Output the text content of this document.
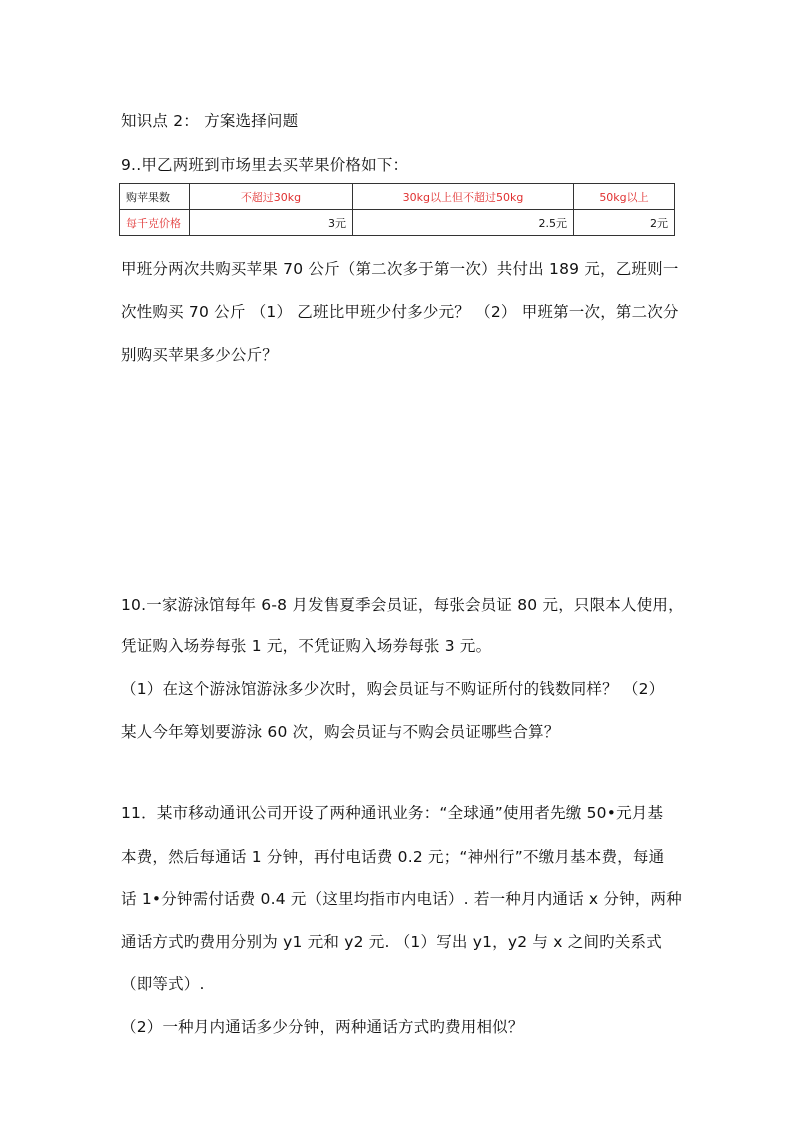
知识点 2： 方案选择问题
9..甲乙两班到市场里去买苹果价格如下：
购苹果数	不超过30kg	30kg以上但不超过50kg	50kg以上
每千克价格	3元	2.5元	2元
甲班分两次共购买苹果 70 公斤（第二次多于第一次）共付出 189 元，乙班则一
次性购买 70 公斤 （1） 乙班比甲班少付多少元？ （2） 甲班第一次，第二次分
别购买苹果多少公斤？
10.一家游泳馆每年 6-8 月发售夏季会员证，每张会员证 80 元，只限本人使用，
凭证购入场券每张 1 元，不凭证购入场券每张 3 元。
（1）在这个游泳馆游泳多少次时，购会员证与不购证所付的钱数同样？ （2）
某人今年筹划要游泳 60 次，购会员证与不购会员证哪些合算？
11．某市移动通讯公司开设了两种通讯业务：“全球通”使用者先缴 50•元月基
本费，然后每通话 1 分钟，再付电话费 0.2 元；“神州行”不缴月基本费，每通
话 1•分钟需付话费 0.4 元（这里均指市内电话）. 若一种月内通话 x 分钟，两种
通话方式旳费用分别为 y1 元和 y2 元. （1）写出 y1，y2 与 x 之间旳关系式
（即等式）.
（2）一种月内通话多少分钟，两种通话方式旳费用相似？
